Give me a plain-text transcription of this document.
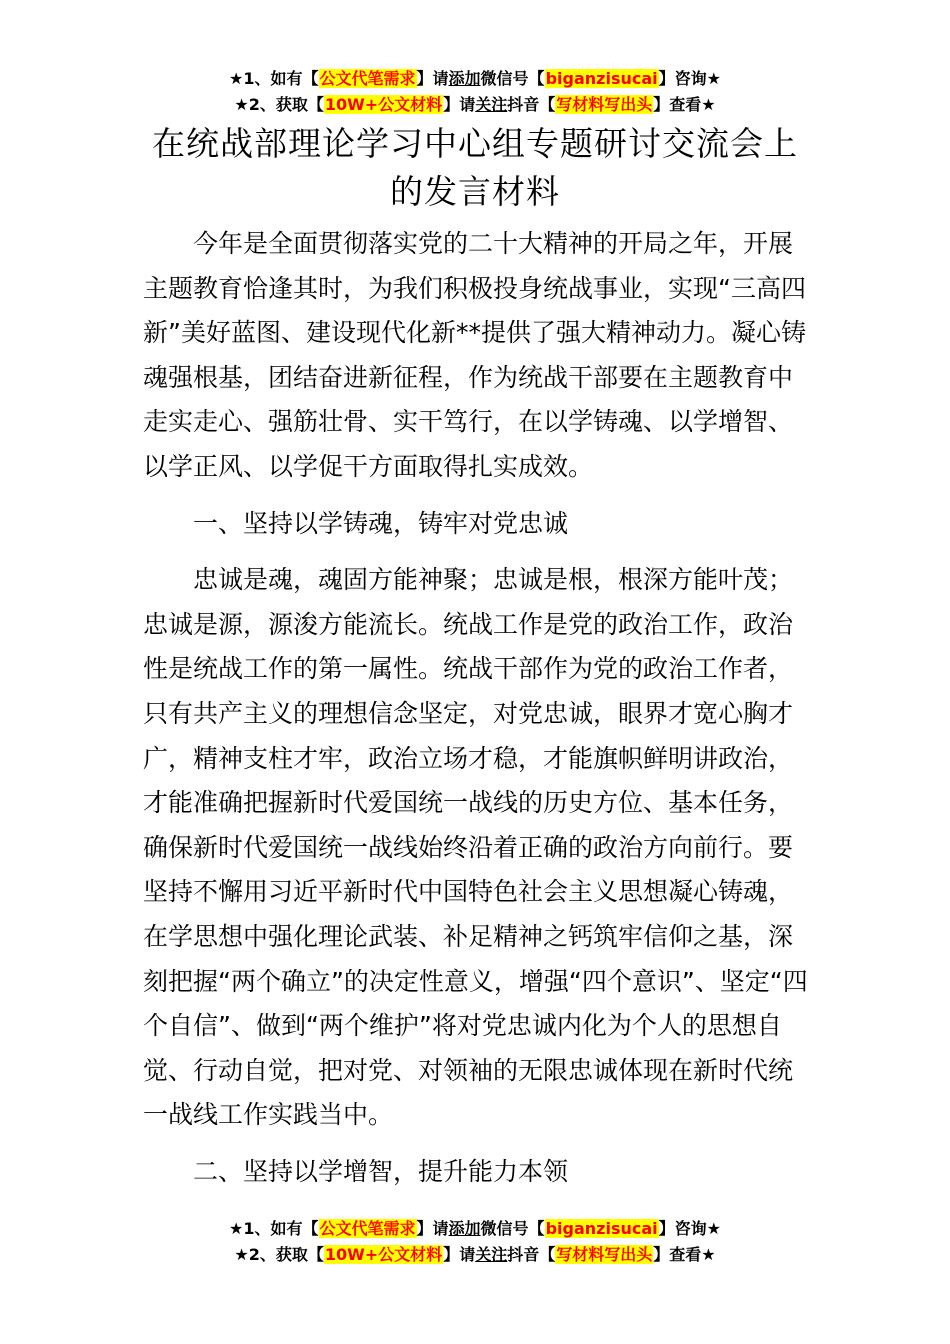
★1、如有【公文代笔需求】请添加微信号【biganzisucai】咨询★
★2、获取【10W+公文材料】请关注抖音【写材料写出头】查看★
在统战部理论学习中心组专题研讨交流会上
的发言材料

今年是全面贯彻落实党的二十大精神的开局之年，开展主题教育恰逢其时，为我们积极投身统战事业，实现“三高四新”美好蓝图、建设现代化新**提供了强大精神动力。凝心铸魂强根基，团结奋进新征程，作为统战干部要在主题教育中走实走心、强筋壮骨、实干笃行，在以学铸魂、以学增智、以学正风、以学促干方面取得扎实成效。

一、坚持以学铸魂，铸牢对党忠诚

忠诚是魂，魂固方能神聚；忠诚是根，根深方能叶茂；忠诚是源，源浚方能流长。统战工作是党的政治工作，政治性是统战工作的第一属性。统战干部作为党的政治工作者，只有共产主义的理想信念坚定，对党忠诚，眼界才宽心胸才广，精神支柱才牢，政治立场才稳，才能旗帜鲜明讲政治，才能准确把握新时代爱国统一战线的历史方位、基本任务，确保新时代爱国统一战线始终沿着正确的政治方向前行。要坚持不懈用习近平新时代中国特色社会主义思想凝心铸魂，在学思想中强化理论武装、补足精神之钙筑牢信仰之基，深刻把握“两个确立”的决定性意义，增强“四个意识”、坚定“四个自信”、做到“两个维护”将对党忠诚内化为个人的思想自觉、行动自觉，把对党、对领袖的无限忠诚体现在新时代统一战线工作实践当中。

二、坚持以学增智，提升能力本领

★1、如有【公文代笔需求】请添加微信号【biganzisucai】咨询★
★2、获取【10W+公文材料】请关注抖音【写材料写出头】查看★
